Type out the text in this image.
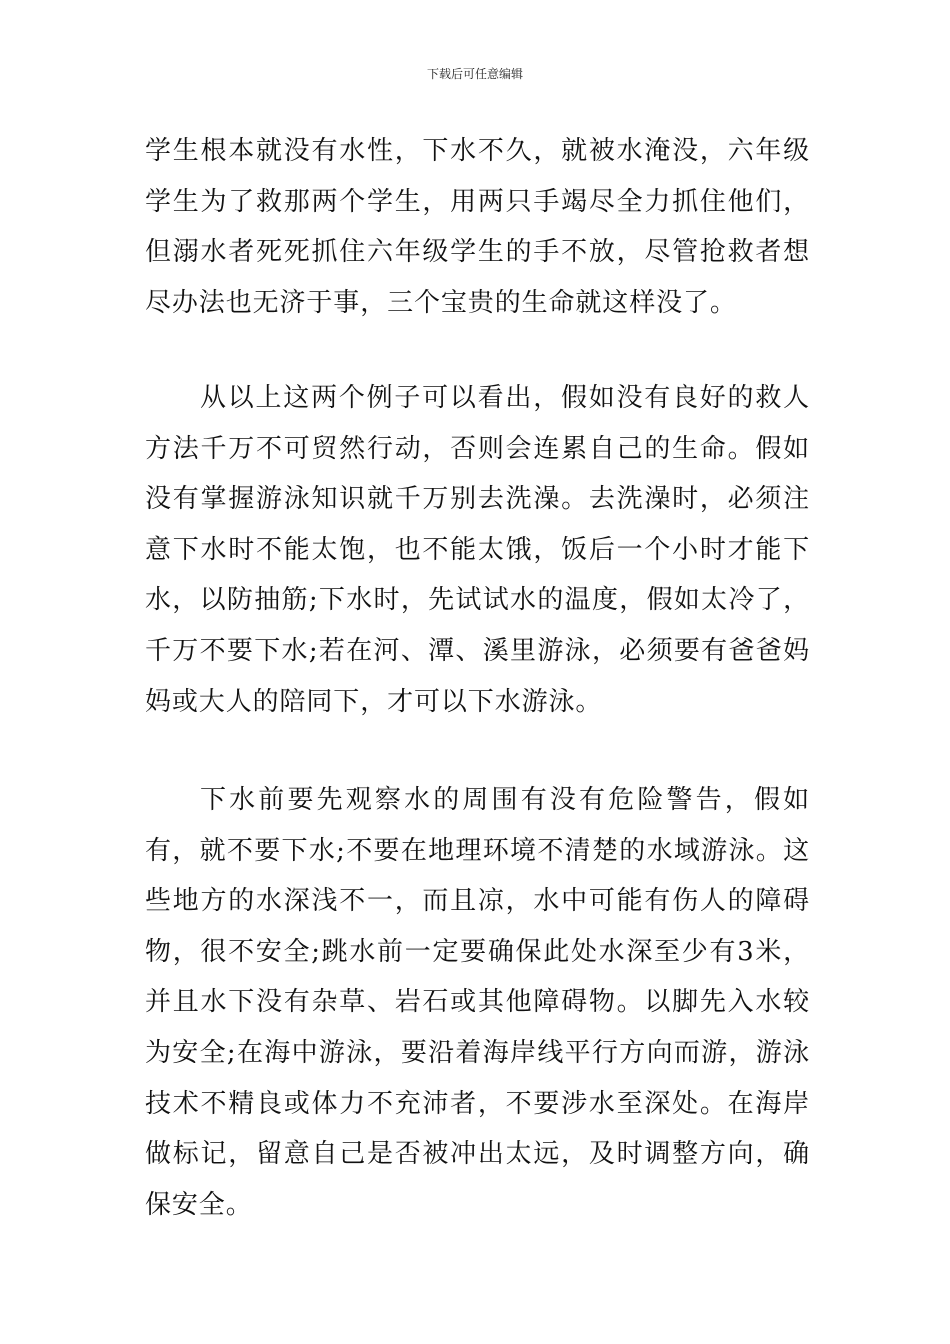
下载后可任意编辑

学生根本就没有水性，下水不久，就被水淹没，六年级学生为了救那两个学生，用两只手竭尽全力抓住他们，但溺水者死死抓住六年级学生的手不放，尽管抢救者想尽办法也无济于事，三个宝贵的生命就这样没了。

从以上这两个例子可以看出，假如没有良好的救人方法千万不可贸然行动，否则会连累自己的生命。假如没有掌握游泳知识就千万别去洗澡。去洗澡时，必须注意下水时不能太饱，也不能太饿，饭后一个小时才能下水，以防抽筋;下水时，先试试水的温度，假如太冷了，千万不要下水;若在河、潭、溪里游泳，必须要有爸爸妈妈或大人的陪同下，才可以下水游泳。

下水前要先观察水的周围有没有危险警告，假如有，就不要下水;不要在地理环境不清楚的水域游泳。这些地方的水深浅不一，而且凉，水中可能有伤人的障碍物，很不安全;跳水前一定要确保此处水深至少有3米，并且水下没有杂草、岩石或其他障碍物。以脚先入水较为安全;在海中游泳，要沿着海岸线平行方向而游，游泳技术不精良或体力不充沛者，不要涉水至深处。在海岸做标记，留意自己是否被冲出太远，及时调整方向，确保安全。
